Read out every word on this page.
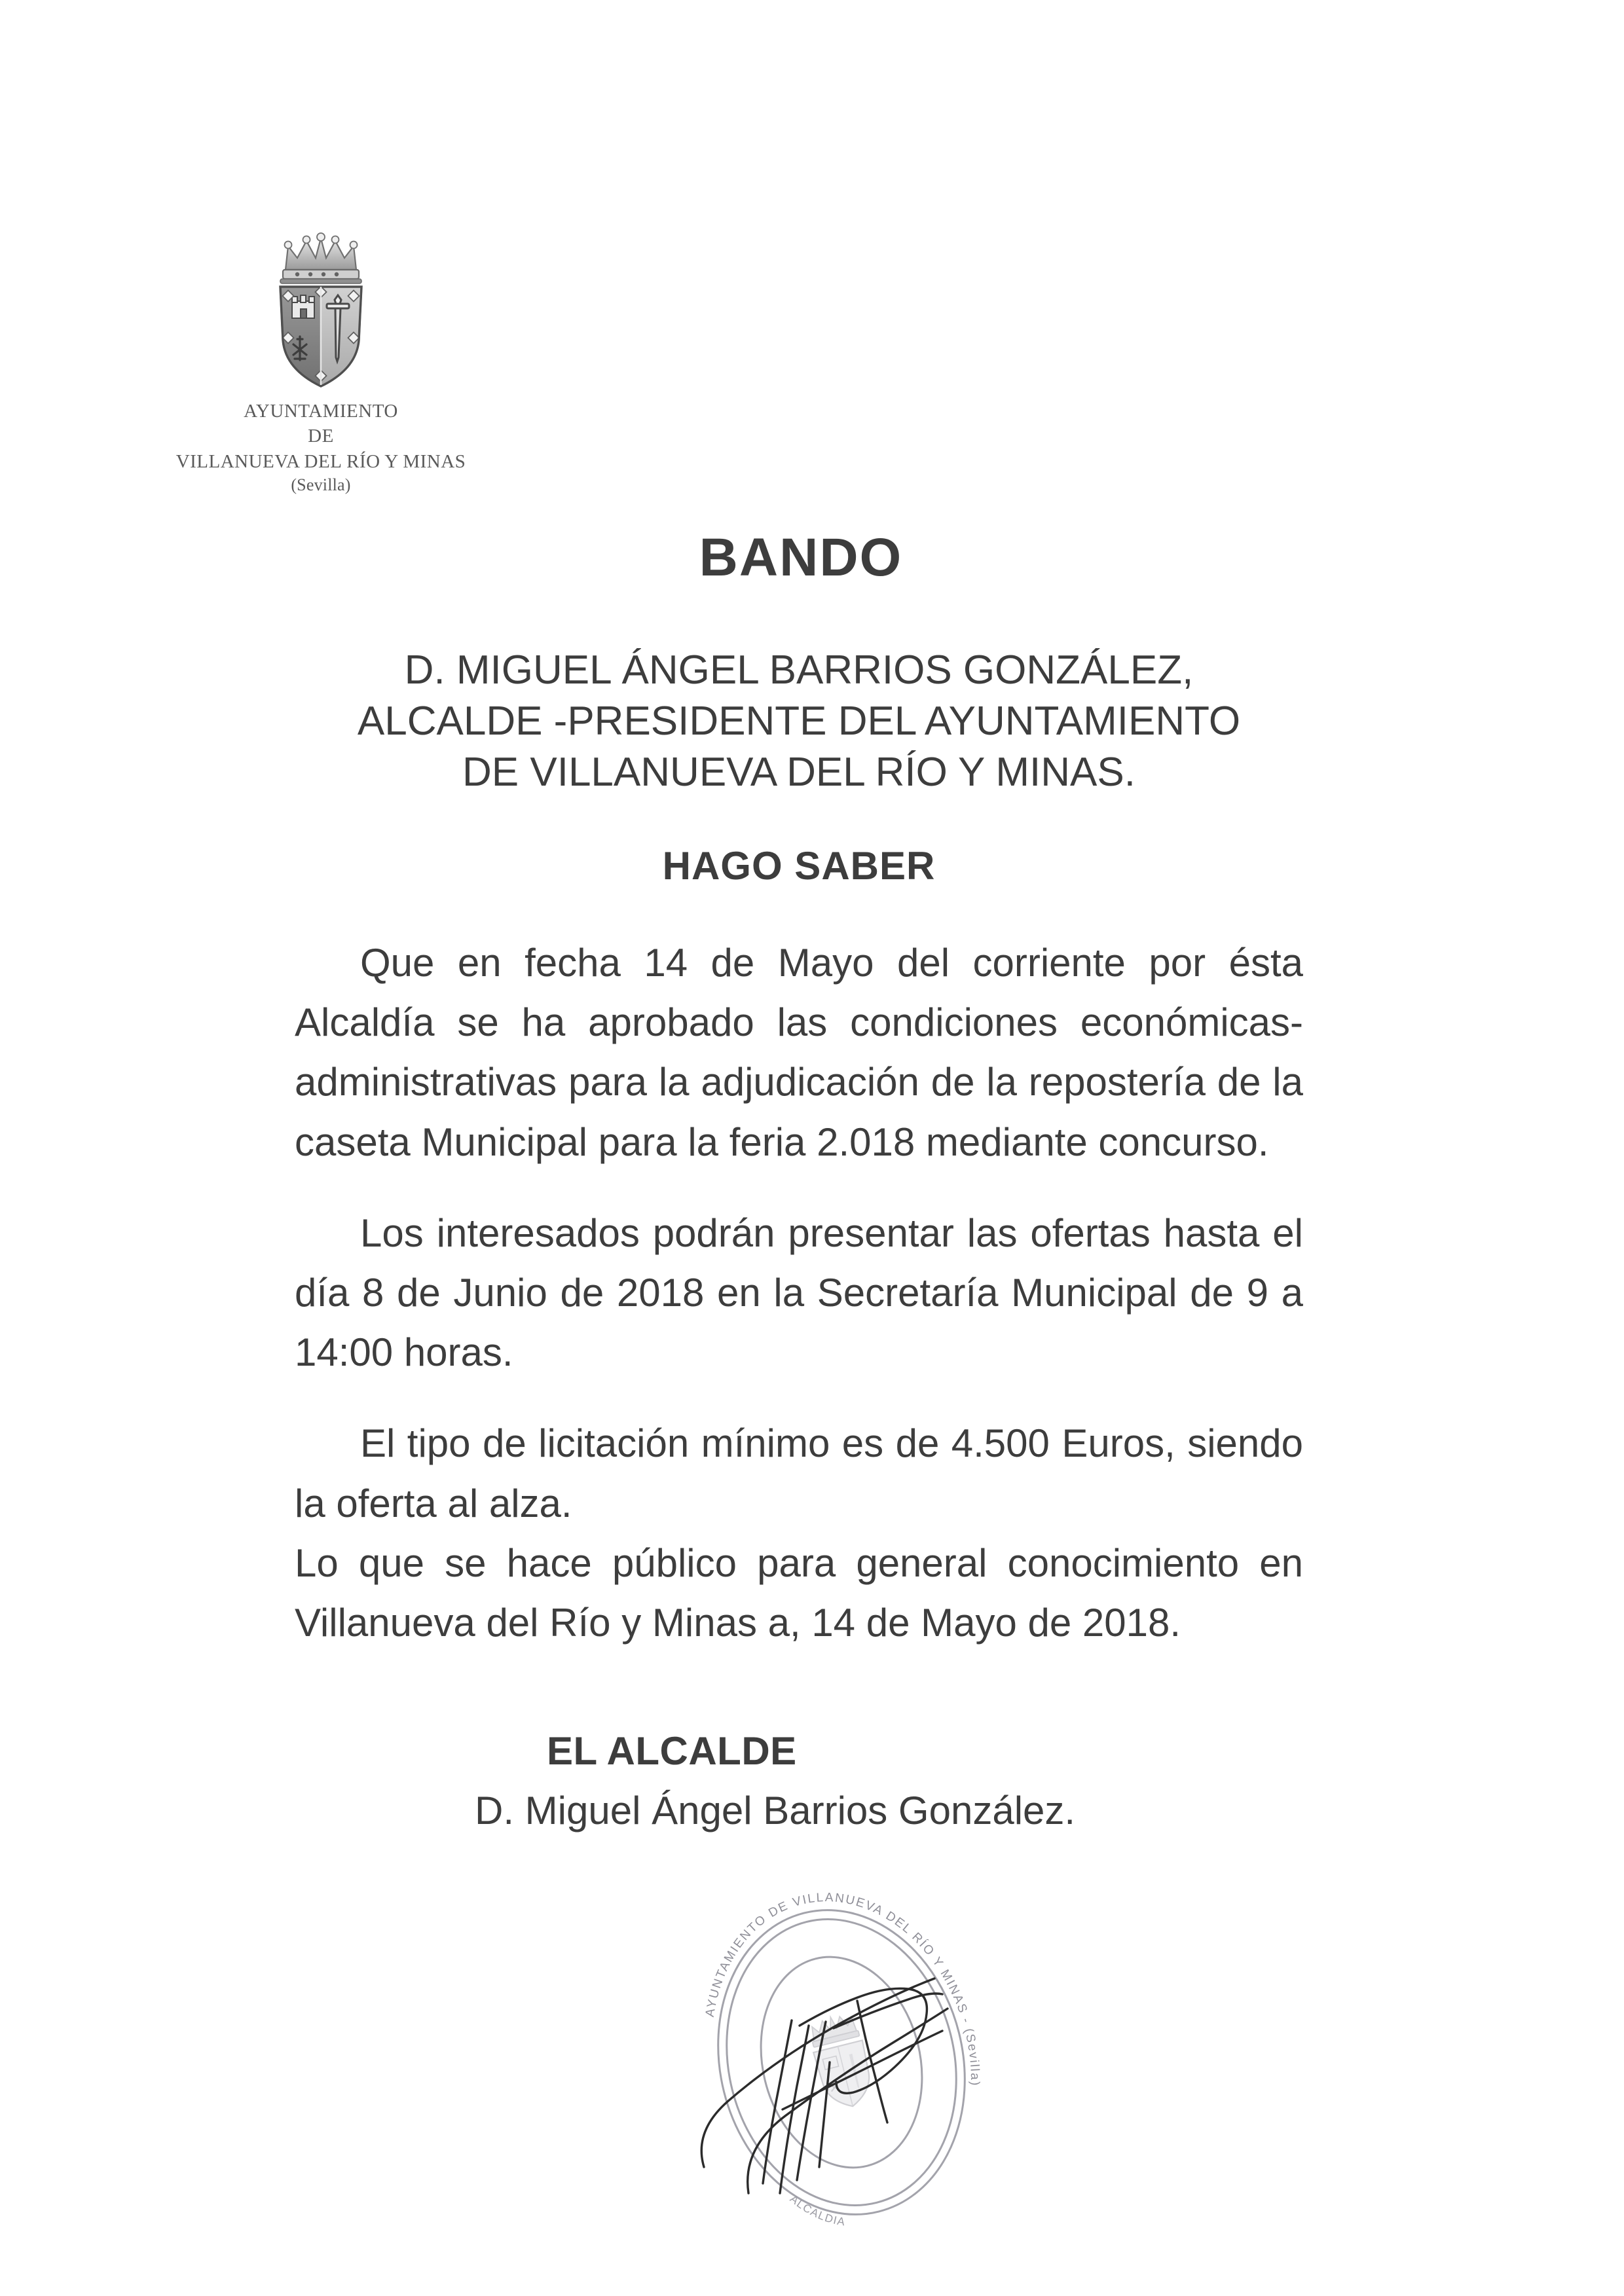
AYUNTAMIENTO
DE
VILLANUEVA DEL RÍO Y MINAS
(Sevilla)
BANDO
D. MIGUEL ÁNGEL BARRIOS GONZÁLEZ,
ALCALDE -PRESIDENTE DEL AYUNTAMIENTO
DE VILLANUEVA DEL RÍO Y MINAS.
HAGO SABER

Que en fecha 14 de Mayo del corriente por ésta Alcaldía se ha aprobado las condiciones económicas-administrativas para la adjudicación de la repostería de la caseta Municipal para la feria 2.018 mediante concurso.

Los interesados podrán presentar las ofertas hasta el día 8 de Junio de 2018 en la Secretaría Municipal de 9 a 14:00 horas.

El tipo de licitación mínimo es de 4.500 Euros, siendo la oferta al alza.

Lo que se hace público para general conocimiento en Villanueva del Río y Minas a, 14 de Mayo de 2018.

EL ALCALDE
D. Miguel Ángel Barrios González.
AYUNTAMIENTO DE VILLANUEVA DEL RÍO Y MINAS - (Sevilla)
ALCALDIA
